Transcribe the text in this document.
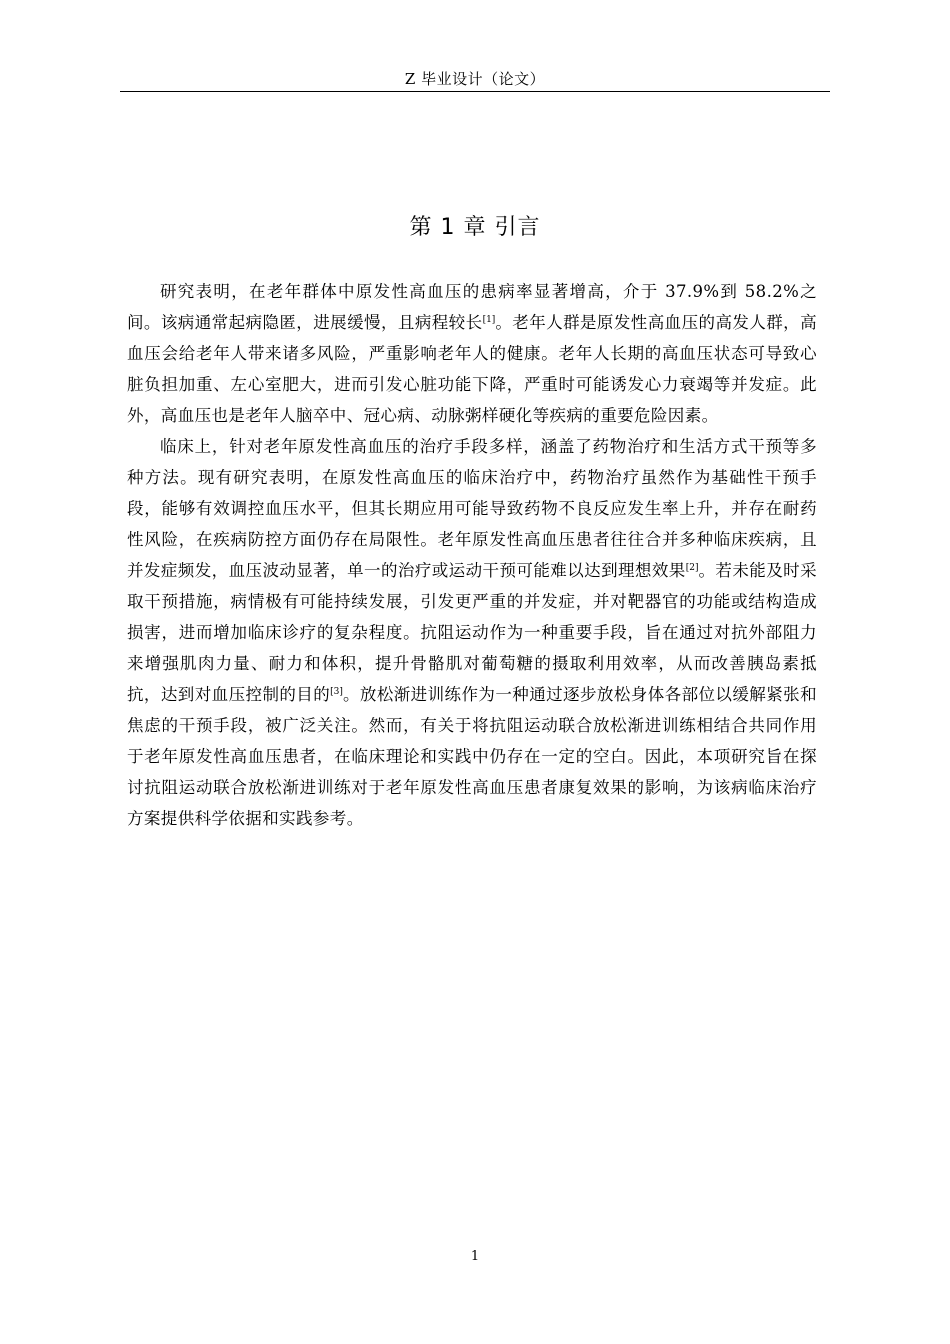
Z 毕业设计（论文）
第 1 章 引言

研究表明，在老年群体中原发性高血压的患病率显著增高，介于 37.9%到 58.2%之间。该病通常起病隐匿，进展缓慢，且病程较长[1]。老年人群是原发性高血压的高发人群，高血压会给老年人带来诸多风险，严重影响老年人的健康。老年人长期的高血压状态可导致心脏负担加重、左心室肥大，进而引发心脏功能下降，严重时可能诱发心力衰竭等并发症。此外，高血压也是老年人脑卒中、冠心病、动脉粥样硬化等疾病的重要危险因素。

临床上，针对老年原发性高血压的治疗手段多样，涵盖了药物治疗和生活方式干预等多种方法。现有研究表明，在原发性高血压的临床治疗中，药物治疗虽然作为基础性干预手段，能够有效调控血压水平，但其长期应用可能导致药物不良反应发生率上升，并存在耐药性风险，在疾病防控方面仍存在局限性。老年原发性高血压患者往往合并多种临床疾病，且并发症频发，血压波动显著，单一的治疗或运动干预可能难以达到理想效果[2]。若未能及时采取干预措施，病情极有可能持续发展，引发更严重的并发症，并对靶器官的功能或结构造成损害，进而增加临床诊疗的复杂程度。抗阻运动作为一种重要手段，旨在通过对抗外部阻力来增强肌肉力量、耐力和体积，提升骨骼肌对葡萄糖的摄取利用效率，从而改善胰岛素抵抗，达到对血压控制的目的[3]。放松渐进训练作为一种通过逐步放松身体各部位以缓解紧张和焦虑的干预手段，被广泛关注。然而，有关于将抗阻运动联合放松渐进训练相结合共同作用于老年原发性高血压患者，在临床理论和实践中仍存在一定的空白。因此，本项研究旨在探讨抗阻运动联合放松渐进训练对于老年原发性高血压患者康复效果的影响，为该病临床治疗方案提供科学依据和实践参考。

1
